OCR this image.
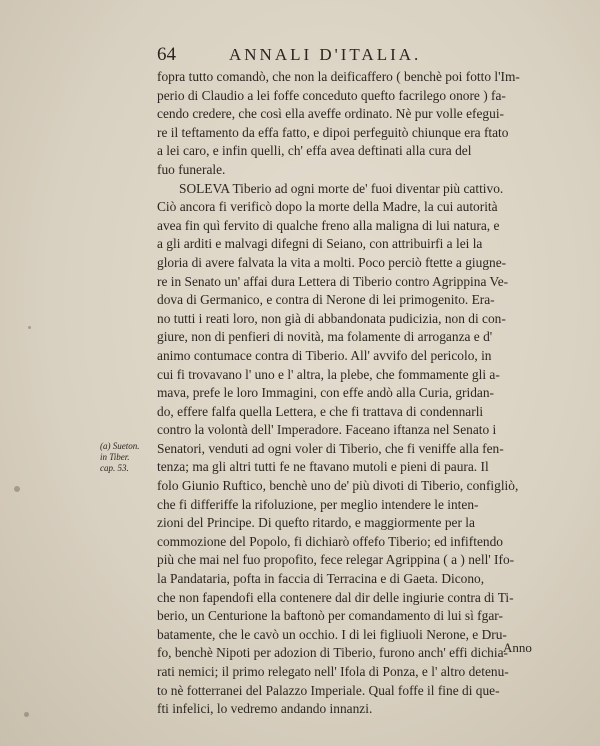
64	ANNALI D'ITALIA.
fopra tutto comandò, che non la deificaffero ( benchè poi fotto l'Im-
perio di Claudio a lei foffe conceduto quefto facrilego onore ) fa-
cendo credere, che così ella aveffe ordinato. Nè pur volle efegui-
re il teftamento da effa fatto, e dipoi perfeguitò chiunque era ftato
a lei caro, e infin quelli, ch' effa avea deftinati alla cura del
fuo funerale.
SOLEVA Tiberio ad ogni morte de' fuoi diventar più cattivo.
Ciò ancora fi verificò dopo la morte della Madre, la cui autorità
avea fin quì fervito di qualche freno alla maligna di lui natura, e
a gli arditi e malvagi difegni di Seiano, con attribuirfi a lei la
gloria di avere falvata la vita a molti. Poco perciò ftette a giugne-
re in Senato un' affai dura Lettera di Tiberio contro Agrippina Ve-
dova di Germanico, e contra di Nerone di lei primogenito. Era-
no tutti i reati loro, non già di abbandonata pudicizia, non di con-
giure, non di penfieri di novità, ma folamente di arroganza e d'
animo contumace contra di Tiberio. All' avvifo del pericolo, in
cui fi trovavano l' uno e l' altra, la plebe, che fommamente gli a-
mava, prefe le loro Immagini, con effe andò alla Curia, gridan-
do, effere falfa quella Lettera, e che fi trattava di condennarli
contro la volontà dell' Imperadore. Faceano iftanza nel Senato i
Senatori, venduti ad ogni voler di Tiberio, che fi veniffe alla fen-
tenza; ma gli altri tutti fe ne ftavano mutoli e pieni di paura. Il
folo Giunio Ruftico, benchè uno de' più divoti di Tiberio, configliò,
che fi differiffe la rifoluzione, per meglio intendere le inten-
zioni del Principe. Di quefto ritardo, e maggiormente per la
commozione del Popolo, fi dichiarò offefo Tiberio; ed infiftendo
più che mai nel fuo propofito, fece relegar Agrippina ( a ) nell' Ifo-
la Pandataria, pofta in faccia di Terracina e di Gaeta. Dicono,
che non fapendofi ella contenere dal dir delle ingiurie contra di Ti-
berio, un Centurione la baftonò per comandamento di lui sì fgar-
batamente, che le cavò un occhio. I di lei figliuoli Nerone, e Dru-
fo, benchè Nipoti per adozion di Tiberio, furono anch' effi dichia-
rati nemici; il primo relegato nell' Ifola di Ponza, e l' altro detenu-
to nè fotterranei del Palazzo Imperiale. Qual foffe il fine di que-
fti infelici, lo vedremo andando innanzi.
(a) Sueton.
in Tiber.
cap. 53.
Anno
